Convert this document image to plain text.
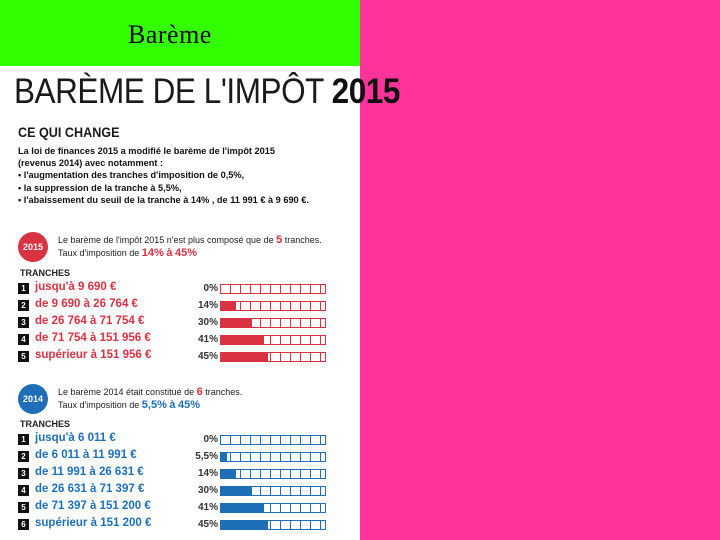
Barème
BARÈME DE L'IMPÔT 2015
CE QUI CHANGE
La loi de finances 2015 a modifié le barème de l'impôt 2015
(revenus 2014) avec notamment :
• l'augmentation des tranches d'imposition de 0,5%,
• la suppression de la tranche à 5,5%,
• l'abaissement du seuil de la tranche à 14% , de 11 991 € à 9 690 €.
2015
Le barème de l'impôt 2015 n'est plus composé que de 5 tranches.
Taux d'imposition de 14% à 45%
TRANCHES
1 jusqu'à 9 690 €	0%
2 de 9 690 à 26 764 €	14%
3 de 26 764 à 71 754 €	30%
4 de 71 754 à 151 956 €	41%
5 supérieur à 151 956 €	45%
2014
Le barème 2014 était constitué de 6 tranches.
Taux d'imposition de 5,5% à 45%
TRANCHES
1 jusqu'à 6 011 €	0%
2 de 6 011 à 11 991 €	5,5%
3 de 11 991 à 26 631 €	14%
4 de 26 631 à 71 397 €	30%
5 de 71 397 à 151 200 €	41%
6 supérieur à 151 200 €	45%
